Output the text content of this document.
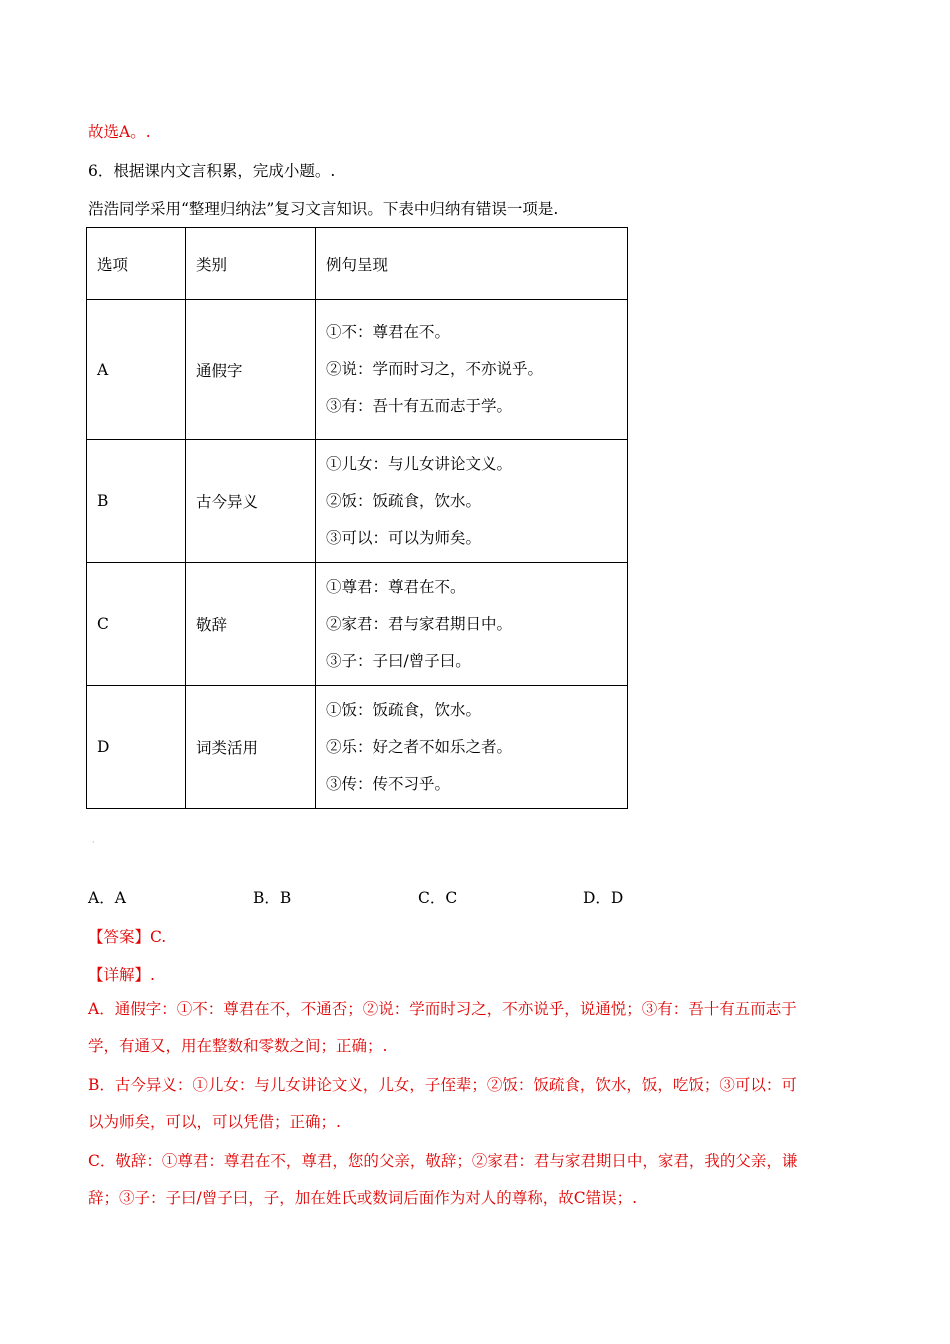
故选A。.
6．根据课内文言积累，完成小题。.
浩浩同学采用“整理归纳法”复习文言知识。下表中归纳有错误一项是.
选项	类别	例句呈现
A	通假字	①不：尊君在不。
②说：学而时习之，不亦说乎。
③有：吾十有五而志于学。

B	古今异义	①儿女：与儿女讲论文义。
②饭：饭疏食，饮水。
③可以：可以为师矣。

C	敬辞	①尊君：尊君在不。
②家君：君与家君期日中。
③子：子曰/曾子曰。

D	词类活用	①饭：饭疏食，饮水。
②乐：好之者不如乐之者。
③传：传不习乎。
·
A．A	B．B	C．C	D．D
【答案】C.
【详解】.
A．通假字：①不：尊君在不，不通否；②说：学而时习之，不亦说乎，说通悦；③有：吾十有五而志于
学，有通又，用在整数和零数之间；正确；.
B．古今异义：①儿女：与儿女讲论文义，儿女，子侄辈；②饭：饭疏食，饮水，饭，吃饭；③可以：可
以为师矣，可以，可以凭借；正确；.
C．敬辞：①尊君：尊君在不，尊君，您的父亲，敬辞；②家君：君与家君期日中，家君，我的父亲，谦
辞；③子：子曰/曾子曰，子，加在姓氏或数词后面作为对人的尊称，故C错误；.
